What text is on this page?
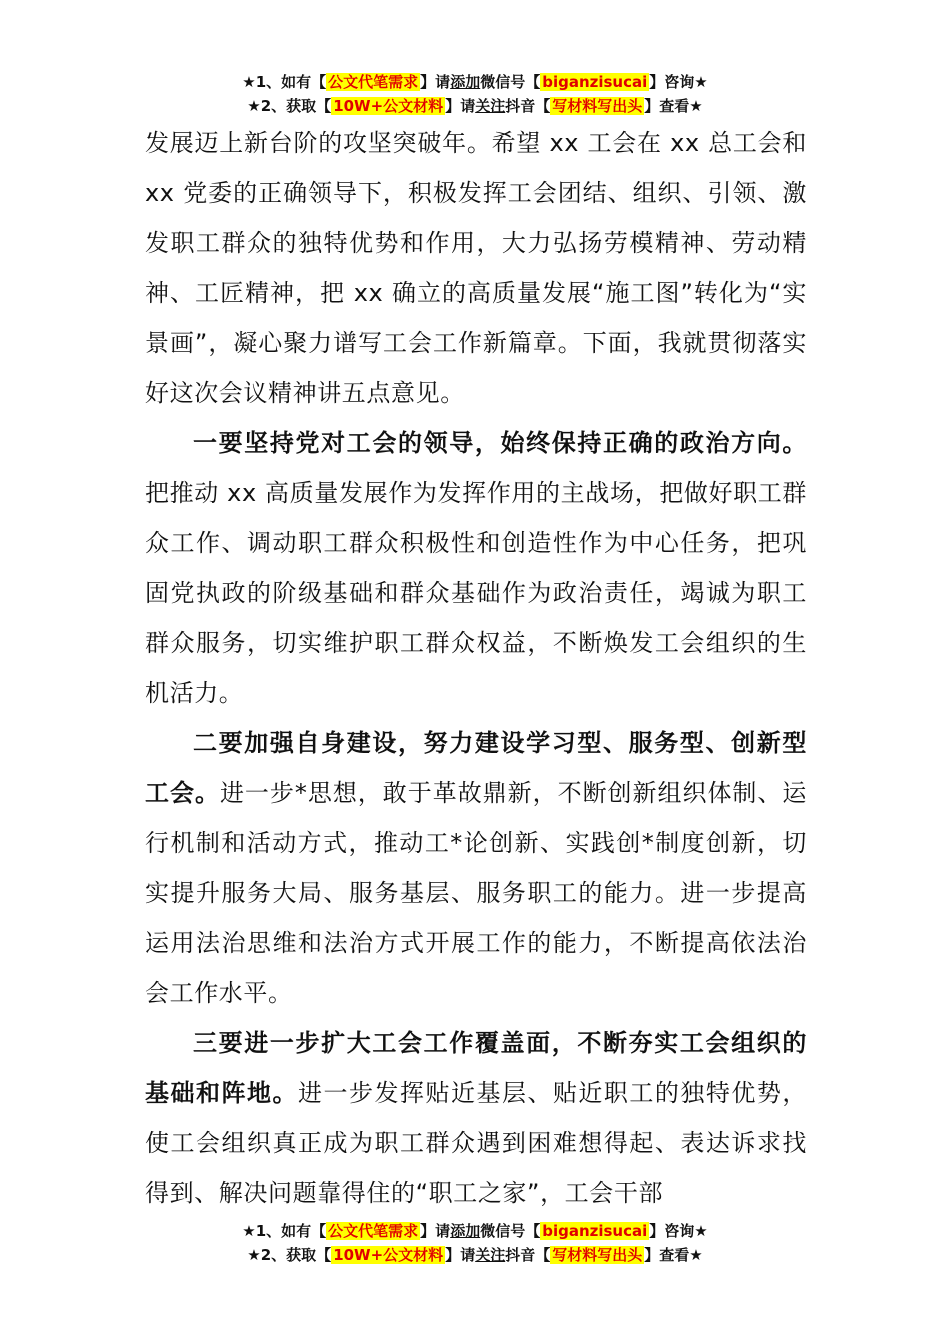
★1、如有【 公文代笔需求 】请添加微信号【 biganzisucai 】咨询★
★2、获取【 10W+公文材料 】请关注抖音【 写材料写出头 】查看★

发展迈上新台阶的攻坚突破年。希望 xx 工会在 xx 总工会和 xx 党委的正确领导下，积极发挥工会团结、组织、引领、激发职工群众的独特优势和作用，大力弘扬劳模精神、劳动精神、工匠精神，把 xx 确立的高质量发展“施工图”转化为“实景画”，凝心聚力谱写工会工作新篇章。下面，我就贯彻落实好这次会议精神讲五点意见。

一要坚持党对工会的领导，始终保持正确的政治方向。把推动 xx 高质量发展作为发挥作用的主战场，把做好职工群众工作、调动职工群众积极性和创造性作为中心任务，把巩固党执政的阶级基础和群众基础作为政治责任，竭诚为职工群众服务，切实维护职工群众权益，不断焕发工会组织的生机活力。

二要加强自身建设，努力建设学习型、服务型、创新型工会。进一步*思想，敢于革故鼎新，不断创新组织体制、运行机制和活动方式，推动工*论创新、实践创*制度创新，切实提升服务大局、服务基层、服务职工的能力。进一步提高运用法治思维和法治方式开展工作的能力，不断提高依法治会工作水平。

三要进一步扩大工会工作覆盖面，不断夯实工会组织的基础和阵地。进一步发挥贴近基层、贴近职工的独特优势，使工会组织真正成为职工群众遇到困难想得起、表达诉求找得到、解决问题靠得住的“职工之家”，工会干部

★1、如有【 公文代笔需求 】请添加微信号【 biganzisucai 】咨询★
★2、获取【 10W+公文材料 】请关注抖音【 写材料写出头 】查看★
